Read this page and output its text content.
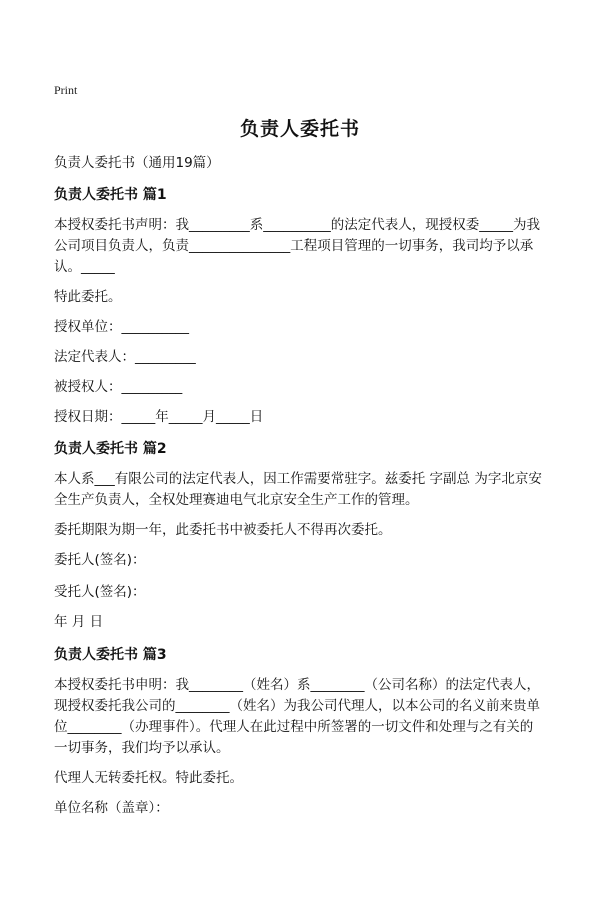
Print
负责人委托书
负责人委托书（通用19篇）
负责人委托书 篇1
本授权委托书声明：我_________系__________的法定代表人，现授权委_____为我
公司项目负责人，负责_______________工程项目管理的一切事务，我司均予以承
认。_____
特此委托。
授权单位：__________
法定代表人：_________
被授权人：_________
授权日期：_____年_____月_____日
负责人委托书 篇2
本人系___有限公司的法定代表人，因工作需要常驻字。兹委托 字副总 为字北京安
全生产负责人，全权处理赛迪电气北京安全生产工作的管理。
委托期限为期一年，此委托书中被委托人不得再次委托。
委托人(签名)：
受托人(签名)：
年 月 日
负责人委托书 篇3
本授权委托书申明：我________（姓名）系________（公司名称）的法定代表人，
现授权委托我公司的________（姓名）为我公司代理人，以本公司的名义前来贵单
位________（办理事件）。代理人在此过程中所签署的一切文件和处理与之有关的
一切事务，我们均予以承认。
代理人无转委托权。特此委托。
单位名称（盖章）：
